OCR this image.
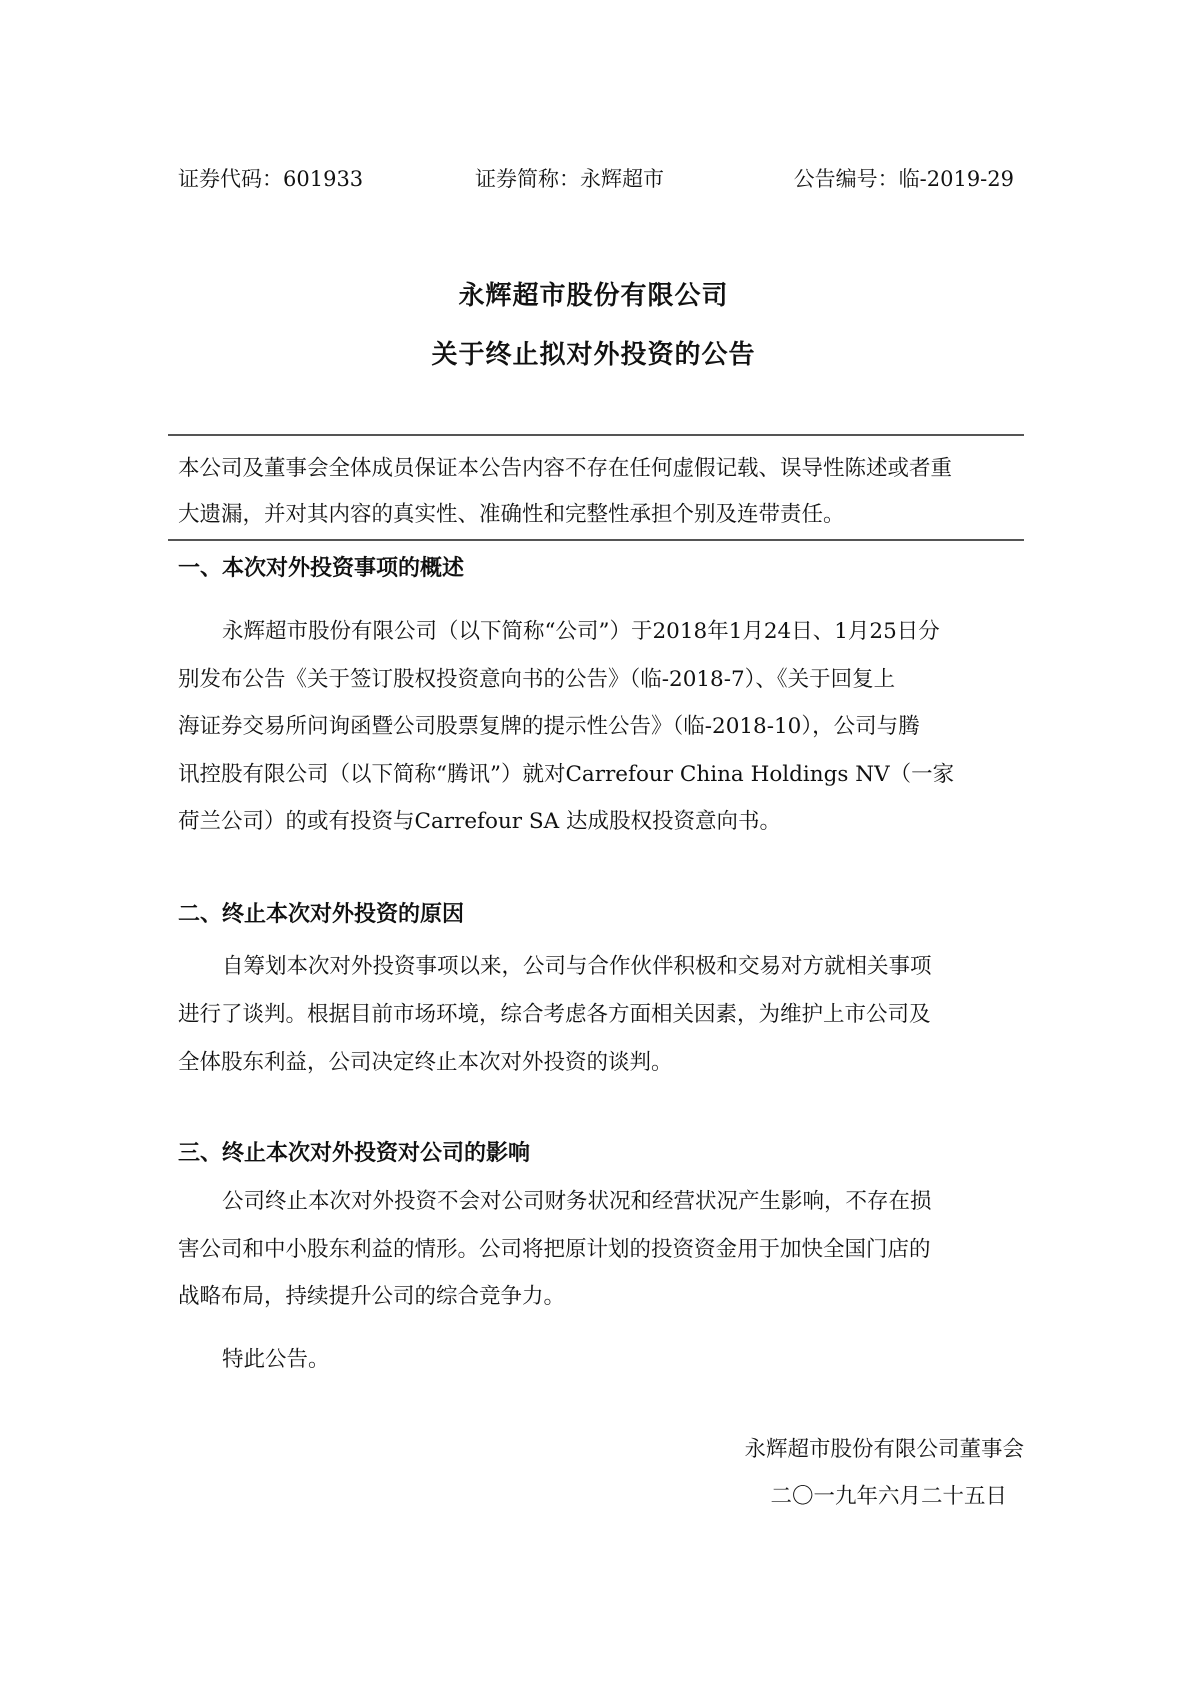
证券代码：601933	证券简称：永辉超市	公告编号：临-2019-29
永辉超市股份有限公司
关于终止拟对外投资的公告
本公司及董事会全体成员保证本公告内容不存在任何虚假记载、误导性陈述或者重
大遗漏，并对其内容的真实性、准确性和完整性承担个别及连带责任。
一、本次对外投资事项的概述
永辉超市股份有限公司（以下简称“公司”）于2018年1月24日、1月25日分
别发布公告《关于签订股权投资意向书的公告》（临-2018-7）、《关于回复上
海证券交易所问询函暨公司股票复牌的提示性公告》（临-2018-10），公司与腾
讯控股有限公司（以下简称“腾讯”）就对Carrefour China Holdings NV（一家
荷兰公司）的或有投资与Carrefour SA 达成股权投资意向书。
二、终止本次对外投资的原因
自筹划本次对外投资事项以来，公司与合作伙伴积极和交易对方就相关事项
进行了谈判。根据目前市场环境，综合考虑各方面相关因素，为维护上市公司及
全体股东利益，公司决定终止本次对外投资的谈判。
三、终止本次对外投资对公司的影响
公司终止本次对外投资不会对公司财务状况和经营状况产生影响，不存在损
害公司和中小股东利益的情形。公司将把原计划的投资资金用于加快全国门店的
战略布局，持续提升公司的综合竞争力。
特此公告。
永辉超市股份有限公司董事会
二〇一九年六月二十五日
